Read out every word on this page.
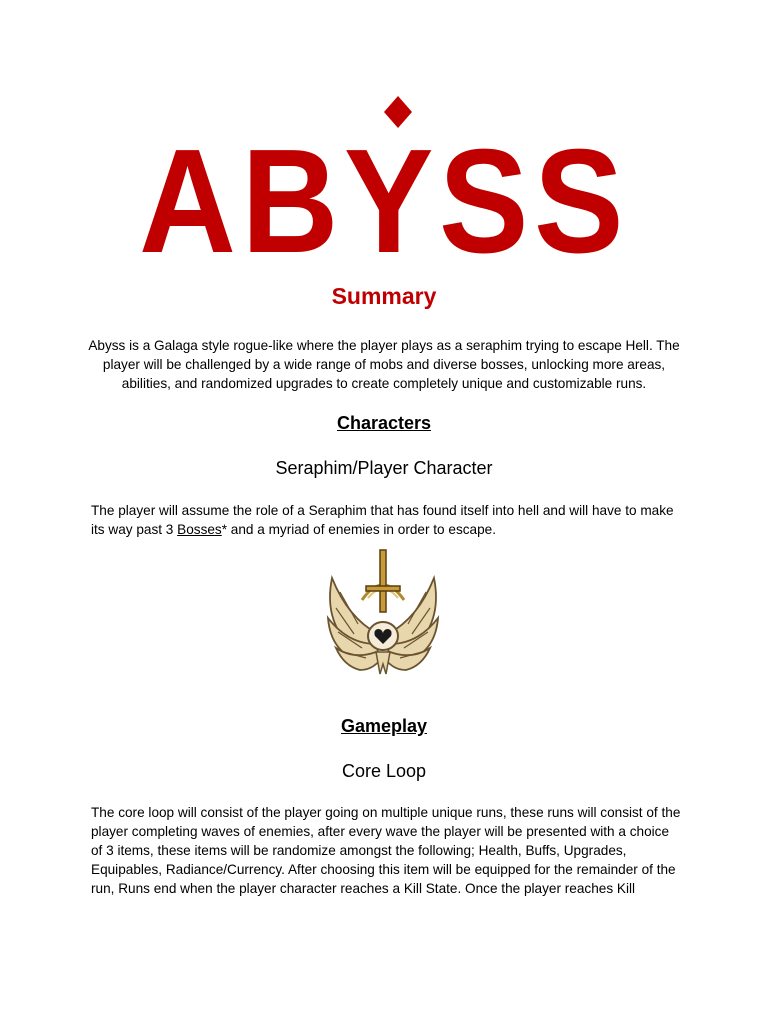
ABYSS
Summary

Abyss is a Galaga style rogue-like where the player plays as a seraphim trying to escape Hell. The player will be challenged by a wide range of mobs and diverse bosses, unlocking more areas, abilities, and randomized upgrades to create completely unique and customizable runs.

Characters
Seraphim/Player Character

The player will assume the role of a Seraphim that has found itself into hell and will have to make its way past 3 Bosses* and a myriad of enemies in order to escape.

Gameplay
Core Loop

The core loop will consist of the player going on multiple unique runs, these runs will consist of the player completing waves of enemies, after every wave the player will be presented with a choice of 3 items, these items will be randomize amongst the following; Health, Buffs, Upgrades, Equipables, Radiance/Currency. After choosing this item will be equipped for the remainder of the run, Runs end when the player character reaches a Kill State. Once the player reaches Kill
